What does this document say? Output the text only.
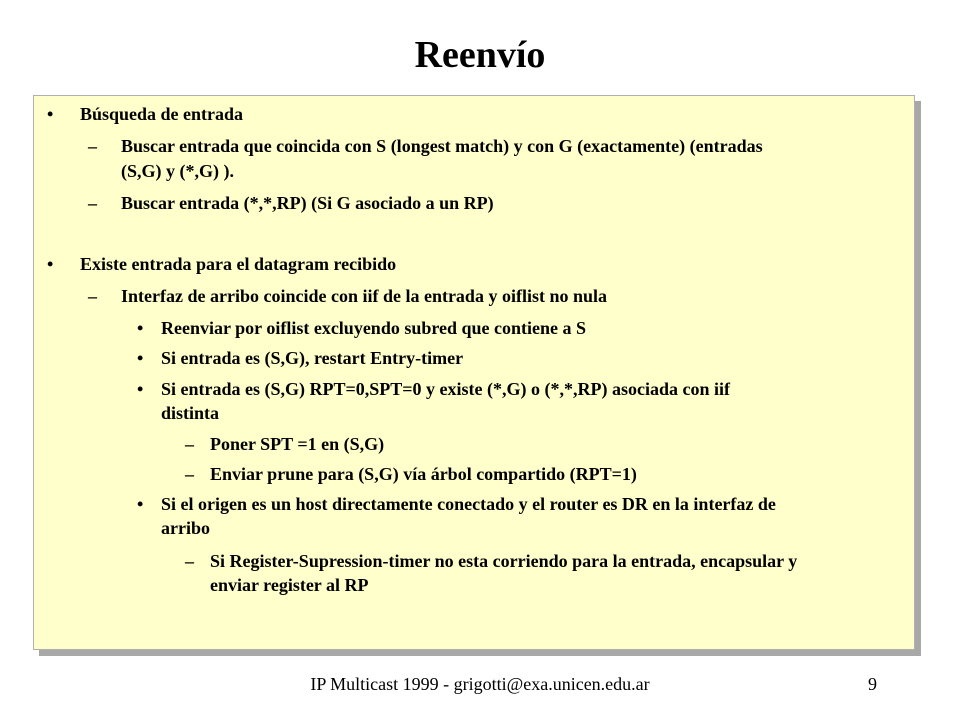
Reenvío
• Búsqueda de entrada
– Buscar entrada que coincida con S (longest match) y con G (exactamente) (entradas
(S,G) y (*,G) ).
– Buscar entrada (*,*,RP) (Si G asociado a un RP)
• Existe entrada para el datagram recibido
– Interfaz de arribo coincide con iif de la entrada y oiflist no nula
• Reenviar por oiflist excluyendo subred que contiene a S
• Si entrada es (S,G), restart Entry-timer
• Si entrada es (S,G) RPT=0,SPT=0 y existe (*,G) o (*,*,RP) asociada con iif
distinta
– Poner SPT =1 en (S,G)
– Enviar prune para (S,G) vía árbol compartido (RPT=1)
• Si el origen es un host directamente conectado y el router es DR en la interfaz de
arribo
– Si Register-Supression-timer no esta corriendo para la entrada, encapsular y
enviar register al RP
IP Multicast 1999 - grigotti@exa.unicen.edu.ar	9
